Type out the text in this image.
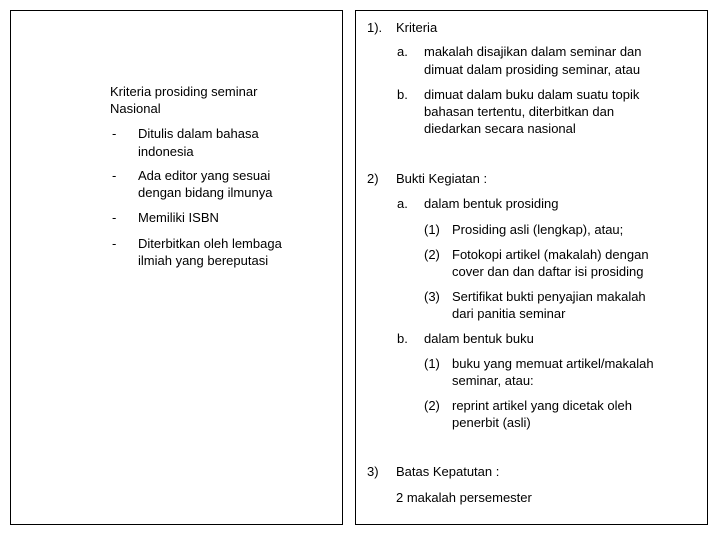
Kriteria prosiding seminar
Nasional
- Ditulis dalam bahasa
indonesia
- Ada editor yang sesuai
dengan bidang ilmunya
- Memiliki ISBN
- Diterbitkan oleh lembaga
ilmiah yang bereputasi
1). Kriteria
a. makalah disajikan dalam seminar dan
dimuat dalam prosiding seminar, atau
b. dimuat dalam buku dalam suatu topik
bahasan tertentu, diterbitkan dan
diedarkan secara nasional
2) Bukti Kegiatan :
a. dalam bentuk prosiding
(1) Prosiding asli (lengkap), atau;
(2) Fotokopi artikel (makalah) dengan
cover dan dan daftar isi prosiding
(3) Sertifikat bukti penyajian makalah
dari panitia seminar
b. dalam bentuk buku
(1) buku yang memuat artikel/makalah
seminar, atau:
(2) reprint artikel yang dicetak oleh
penerbit (asli)
3) Batas Kepatutan :
2 makalah persemester
